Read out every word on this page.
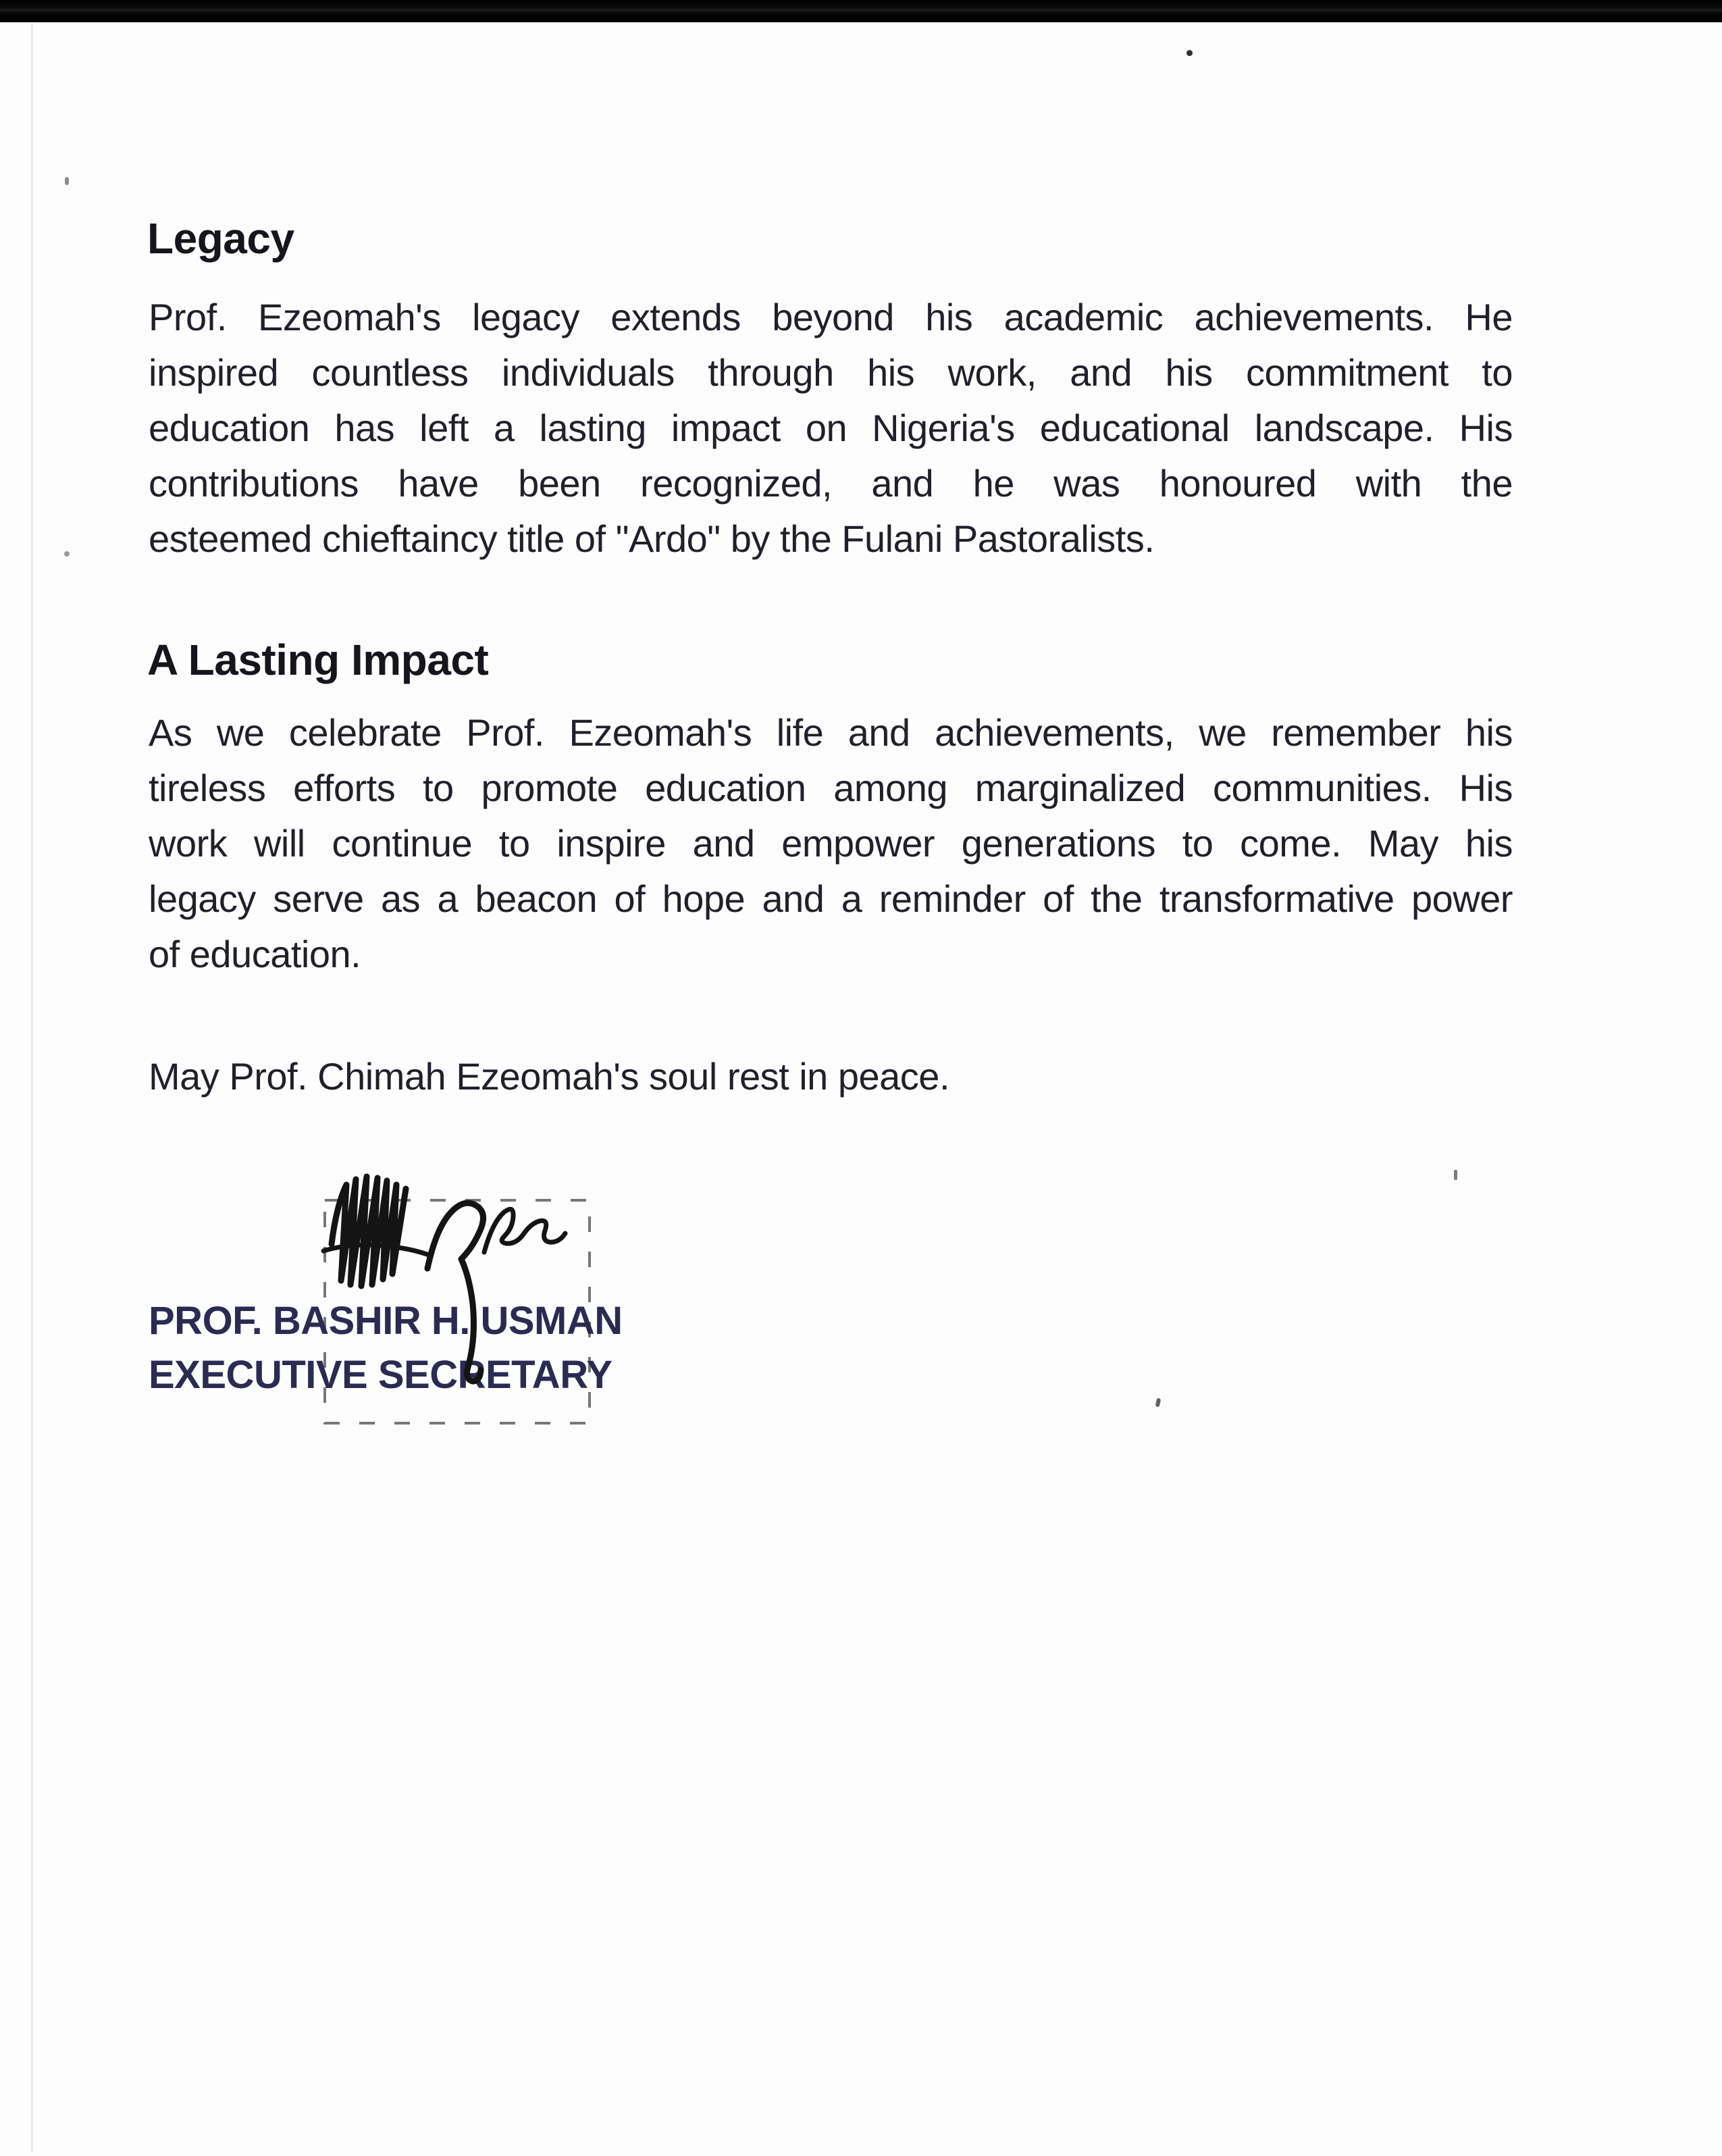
Legacy
Prof. Ezeomah's legacy extends beyond his academic achievements. He
inspired countless individuals through his work, and his commitment to
education has left a lasting impact on Nigeria's educational landscape. His
contributions have been recognized, and he was honoured with the
esteemed chieftaincy title of "Ardo" by the Fulani Pastoralists.
A Lasting Impact
As we celebrate Prof. Ezeomah's life and achievements, we remember his
tireless efforts to promote education among marginalized communities. His
work will continue to inspire and empower generations to come. May his
legacy serve as a beacon of hope and a reminder of the transformative power
of education.
May Prof. Chimah Ezeomah's soul rest in peace.
PROF. BASHIR H. USMAN
EXECUTIVE SECRETARY
